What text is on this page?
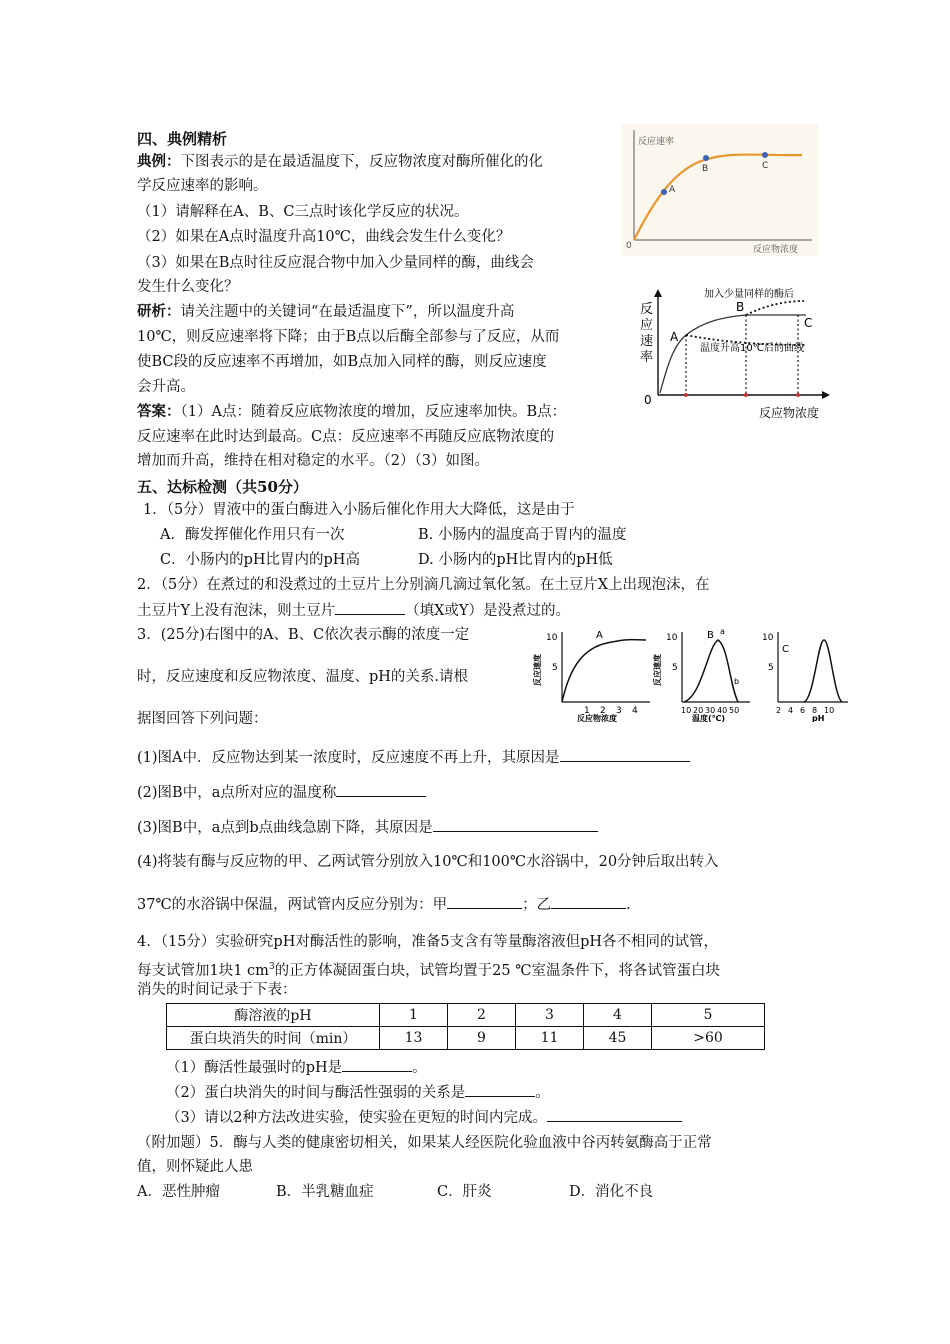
四、典例精析
典例：下图表示的是在最适温度下，反应物浓度对酶所催化的化
学反应速率的影响。
（1）请解释在A、B、C三点时该化学反应的状况。
（2）如果在A点时温度升高10℃，曲线会发生什么变化？
（3）如果在B点时往反应混合物中加入少量同样的酶，曲线会
发生什么变化？
研析：请关注题中的关键词“在最适温度下”，所以温度升高
10℃，则反应速率将下降；由于B点以后酶全部参与了反应，从而
使BC段的反应速率不再增加，如B点加入同样的酶，则反应速度
会升高。
答案：（1）A点：随着反应底物浓度的增加，反应速率加快。B点：
反应速率在此时达到最高。C点：反应速率不再随反应底物浓度的
增加而升高，维持在相对稳定的水平。（2）（3）如图。
反应速率
反应物浓度
0
A
B	C
反
应
速
率
加入少量同样的酶后
温度升高10℃后的曲线
反应物浓度
0
A
B
C
五、达标检测（共50分）
1．（5分）胃液中的蛋白酶进入小肠后催化作用大大降低，这是由于
A．酶发挥催化作用只有一次	B. 小肠内的温度高于胃内的温度
C．小肠内的pH比胃内的pH高	D. 小肠内的pH比胃内的pH低
2．（5分）在煮过的和没煮过的土豆片上分别滴几滴过氧化氢。在土豆片X上出现泡沫，在
土豆片Y上没有泡沫，则土豆片	（填X或Y）是没煮过的。
3．(25分)右图中的A、B、C依次表示酶的浓度一定
时，反应速度和反应物浓度、温度、pH的关系.请根
据图回答下列问题：
10
5
A
1 2 3 4
反应物浓度
反应速度
10
5
B a
b
10 20 30 40 50
温度(℃)
反应速度
10
5
C
2 4 6 8 10
pH
(1)图A中．反应物达到某一浓度时，反应速度不再上升，其原因是
(2)图B中，a点所对应的温度称
(3)图B中，a点到b点曲线急剧下降，其原因是
(4)将装有酶与反应物的甲、乙两试管分别放入10℃和100℃水浴锅中，20分钟后取出转入
37℃的水浴锅中保温，两试管内反应分别为：甲	；乙	.
4．（15分）实验研究pH对酶活性的影响，准备5支含有等量酶溶液但pH各不相同的试管，
每支试管加1块1 $cm^3$的正方体凝固蛋白块，试管均置于25 ℃室温条件下，将各试管蛋白块
消失的时间记录于下表：
酶溶液的pH	1	2	3	4	5
蛋白块消失的时间（min）	13	9	11	45	>60
（1）酶活性最强时的pH是	。
（2）蛋白块消失的时间与酶活性强弱的关系是	。
（3）请以2种方法改进实验，使实验在更短的时间内完成。
（附加题）5．酶与人类的健康密切相关，如果某人经医院化验血液中谷丙转氨酶高于正常
值，则怀疑此人患
A．恶性肿瘤	B．半乳糖血症	C．肝炎	D．消化不良
